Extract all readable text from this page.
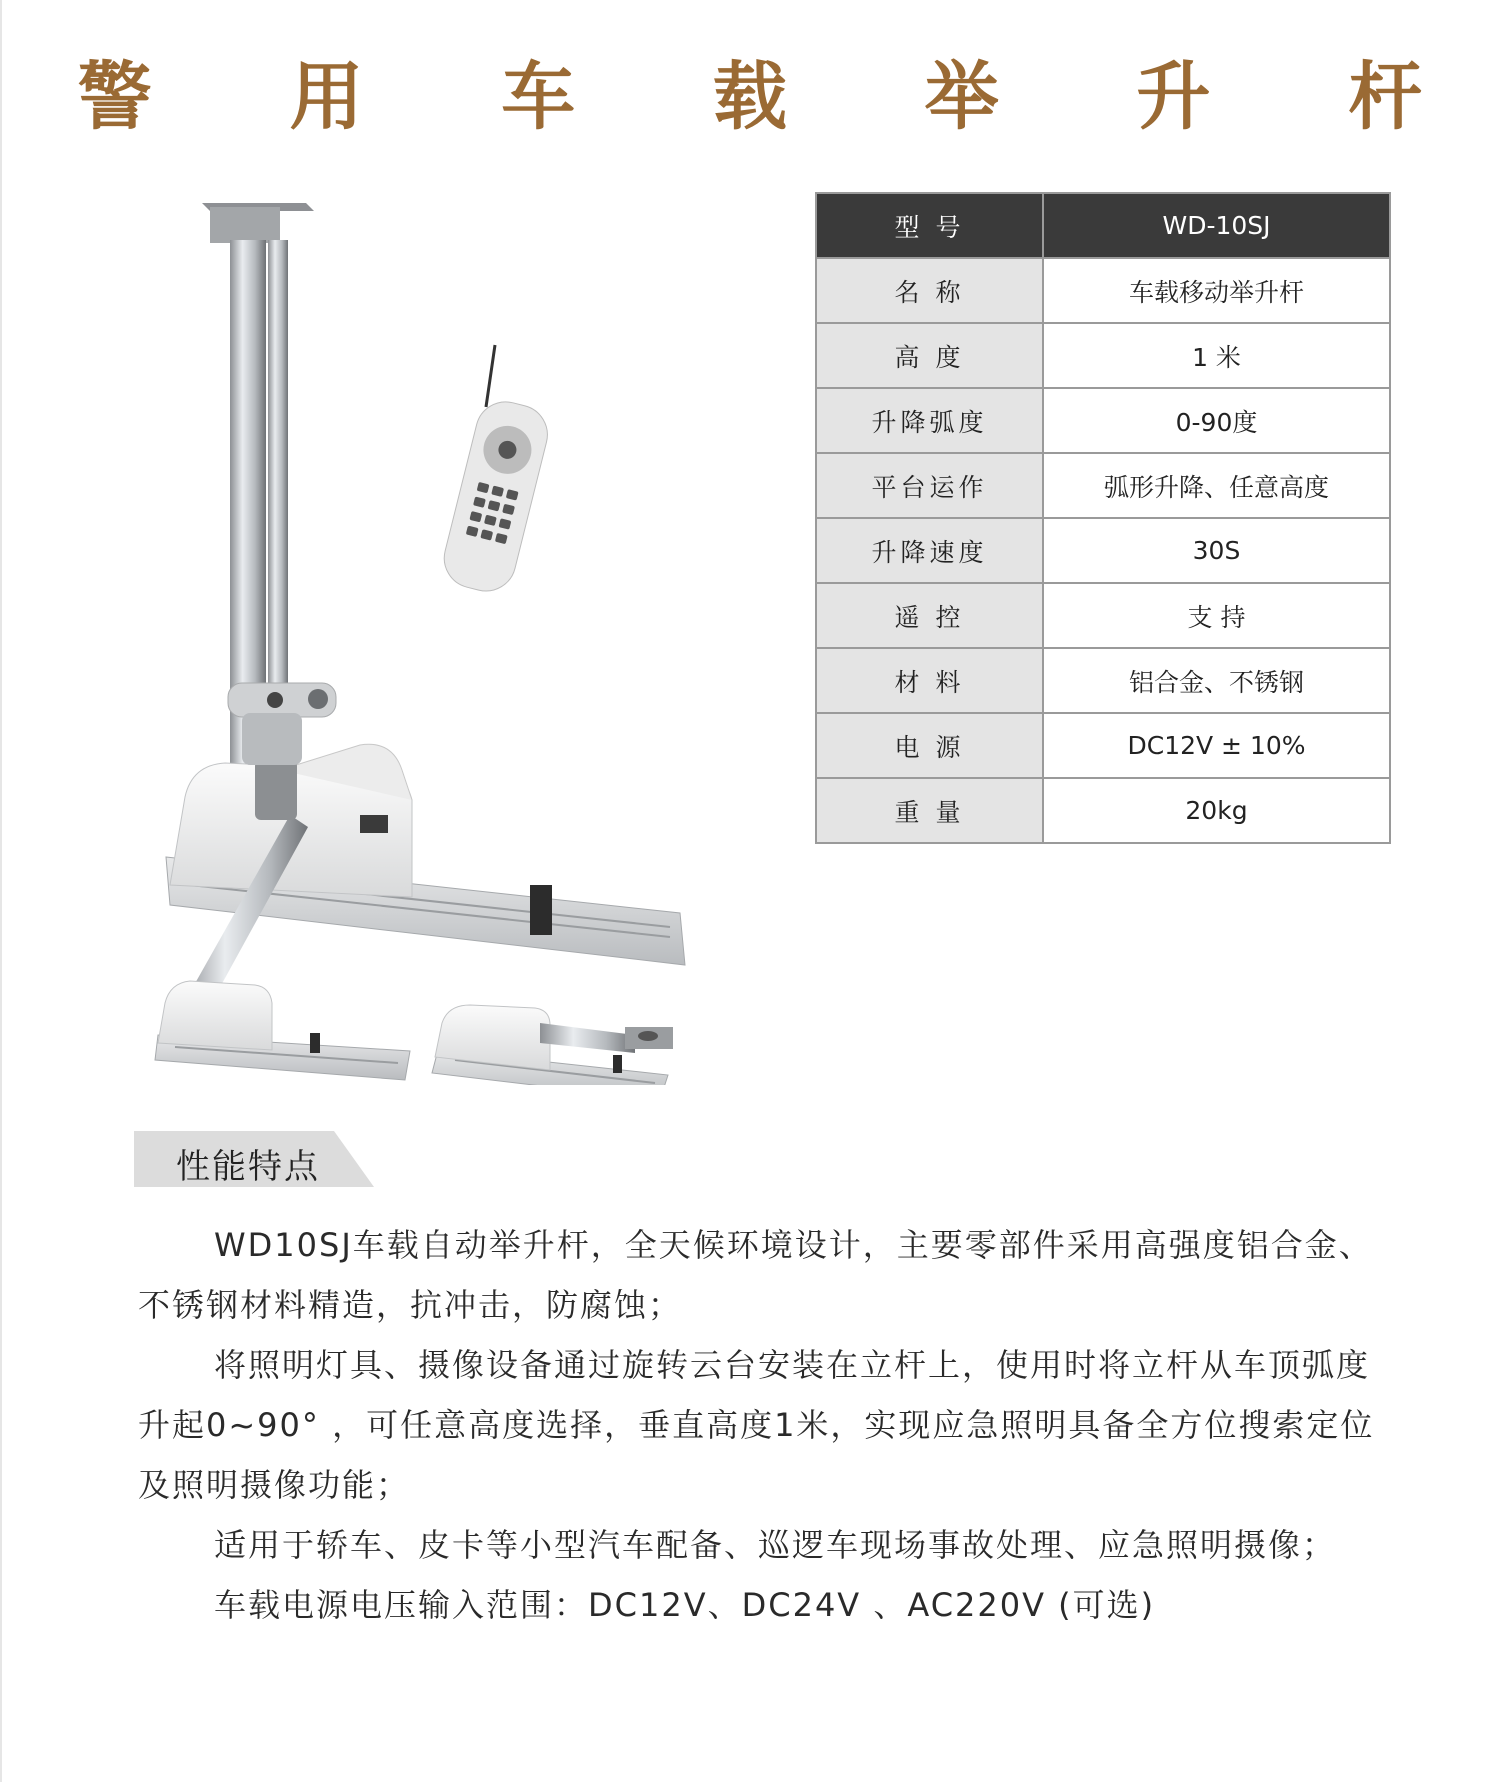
警 用 车 载 举 升 杆
型 号	WD-10SJ
名 称	车载移动举升杆
高 度	1 米
升降弧度	0-90度
平台运作	弧形升降、任意高度
升降速度	30S
遥 控	支 持
材 料	铝合金、不锈钢
电 源	DC12V ± 10%
重 量	20kg
性能特点

WD10SJ车载自动举升杆，全天候环境设计，主要零部件采用高强度铝合金、不锈钢材料精造，抗冲击，防腐蚀；

将照明灯具、摄像设备通过旋转云台安装在立杆上，使用时将立杆从车顶弧度升起0~90° ，可任意高度选择，垂直高度1米，实现应急照明具备全方位搜索定位及照明摄像功能；

适用于轿车、皮卡等小型汽车配备、巡逻车现场事故处理、应急照明摄像；

车载电源电压输入范围：DC12V、DC24V 、AC220V (可选)
